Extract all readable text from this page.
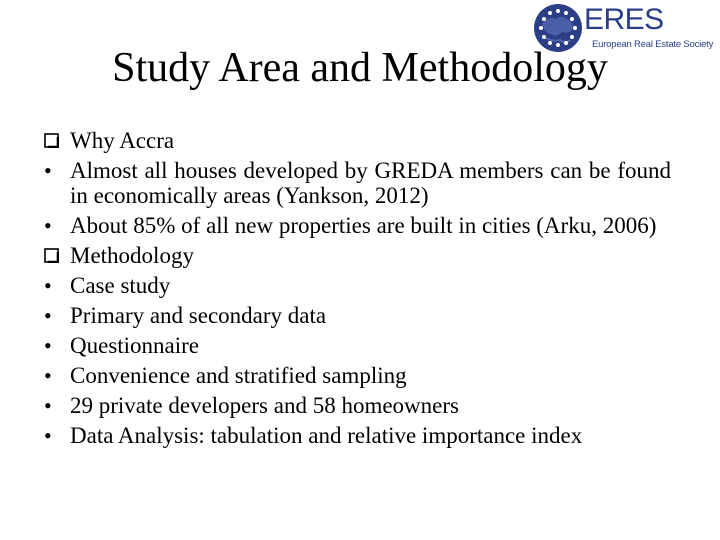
ERES
European Real Estate Society
Study Area and Methodology
Why Accra
• Almost all houses developed by GREDA members can be found in economically areas (Yankson, 2012)
• About 85% of all new properties are built in cities (Arku, 2006)
Methodology
• Case study
• Primary and secondary data
• Questionnaire
• Convenience and stratified sampling
• 29 private developers and 58 homeowners
• Data Analysis: tabulation and relative importance index
